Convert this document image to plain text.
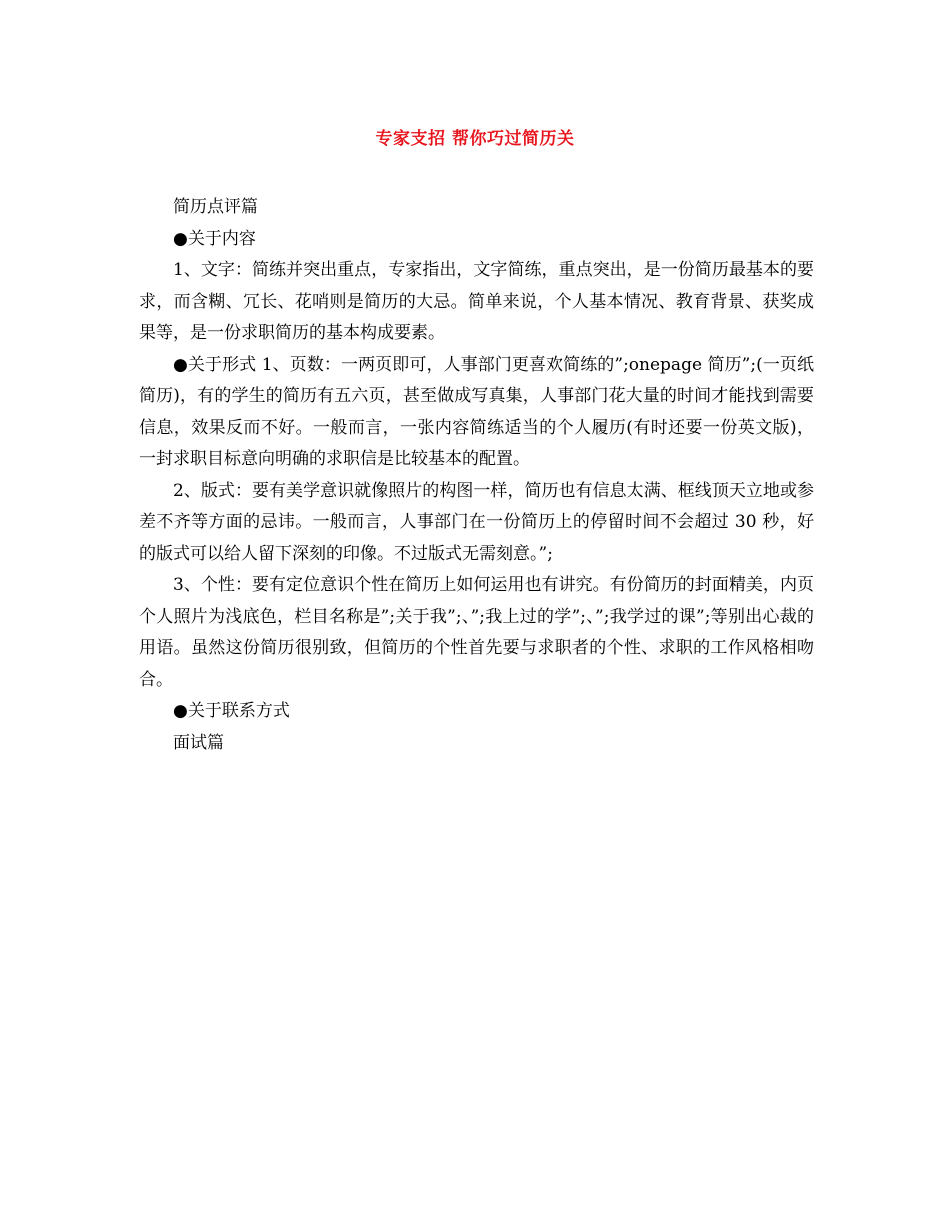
专家支招 帮你巧过简历关

简历点评篇

●关于内容

1、文字：简练并突出重点，专家指出，文字简练，重点突出，是一份简历最基本的要求，而含糊、冗长、花哨则是简历的大忌。简单来说，个人基本情况、教育背景、获奖成果等，是一份求职简历的基本构成要素。

●关于形式 1、页数：一两页即可，人事部门更喜欢简练的”;onepage 简历”;(一页纸简历)，有的学生的简历有五六页，甚至做成写真集，人事部门花大量的时间才能找到需要信息，效果反而不好。一般而言，一张内容简练适当的个人履历(有时还要一份英文版)，一封求职目标意向明确的求职信是比较基本的配置。

2、版式：要有美学意识就像照片的构图一样，简历也有信息太满、框线顶天立地或参差不齐等方面的忌讳。一般而言，人事部门在一份简历上的停留时间不会超过 30 秒，好的版式可以给人留下深刻的印像。不过版式无需刻意。”;

3、个性：要有定位意识个性在简历上如何运用也有讲究。有份简历的封面精美，内页个人照片为浅底色，栏目名称是”;关于我”;、”;我上过的学”;、”;我学过的课”;等别出心裁的用语。虽然这份简历很别致，但简历的个性首先要与求职者的个性、求职的工作风格相吻合。

●关于联系方式

面试篇
